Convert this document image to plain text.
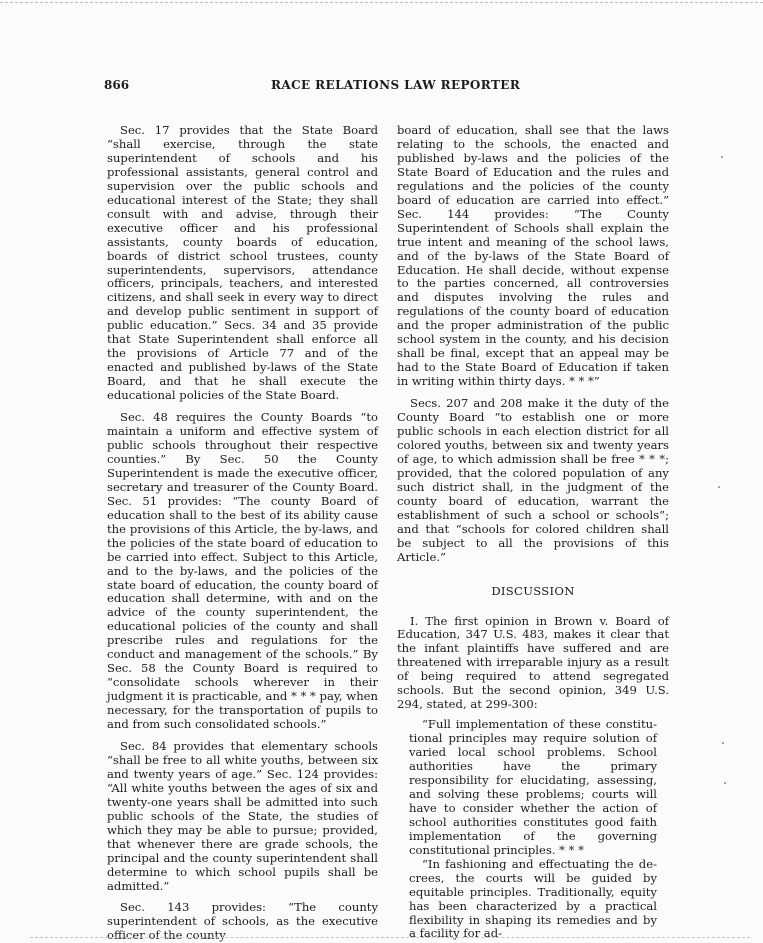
866	RACE RELATIONS LAW REPORTER

Sec. 17 provides that the State Board “shall exercise, through the state superintendent of schools and his professional assistants, general control and supervision over the public schools and educational interest of the State; they shall consult with and advise, through their executive officer and his professional assistants, county boards of education, boards of district school trustees, county superintendents, supervisors, attendance officers, principals, teachers, and interested citizens, and shall seek in every way to direct and develop public sentiment in support of public education.” Secs. 34 and 35 provide that State Superintendent shall enforce all the provisions of Article 77 and of the enacted and published by-laws of the State Board, and that he shall execute the educational policies of the State Board.

Sec. 48 requires the County Boards “to maintain a uniform and effective system of public schools throughout their respective counties.” By Sec. 50 the County Superintendent is made the executive officer, secretary and treasurer of the County Board. Sec. 51 provides: “The county Board of education shall to the best of its ability cause the provisions of this Article, the by-laws, and the policies of the state board of education to be carried into effect. Subject to this Article, and to the by-laws, and the policies of the state board of education, the county board of education shall determine, with and on the advice of the county superintendent, the educational policies of the county and shall prescribe rules and regulations for the conduct and management of the schools.” By Sec. 58 the County Board is required to “consolidate schools wherever in their judgment it is practicable, and * * * pay, when necessary, for the transportation of pupils to and from such consolidated schools.”

Sec. 84 provides that elementary schools “shall be free to all white youths, between six and twenty years of age.” Sec. 124 provides: “All white youths between the ages of six and twenty-one years shall be admitted into such public schools of the State, the studies of which they may be able to pursue; provided, that whenever there are grade schools, the principal and the county superintendent shall determine to which school pupils shall be admitted.”

Sec. 143 provides: “The county superintendent of schools, as the executive officer of the county

board of education, shall see that the laws relating to the schools, the enacted and published by-laws and the policies of the State Board of Education and the rules and regulations and the policies of the county board of education are carried into effect.” Sec. 144 provides: “The County Superintendent of Schools shall explain the true intent and meaning of the school laws, and of the by-laws of the State Board of Education. He shall decide, without expense to the parties concerned, all controversies and disputes involving the rules and regulations of the county board of education and the proper administration of the public school system in the county, and his decision shall be final, except that an appeal may be had to the State Board of Education if taken in writing within thirty days. * * *”

Secs. 207 and 208 make it the duty of the County Board “to establish one or more public schools in each election district for all colored youths, between six and twenty years of age, to which admission shall be free * * *; provided, that the colored population of any such district shall, in the judgment of the county board of education, warrant the establishment of such a school or schools”; and that “schools for colored children shall be subject to all the provisions of this Article.”

DISCUSSION

I. The first opinion in Brown v. Board of Education, 347 U.S. 483, makes it clear that the infant plaintiffs have suffered and are threatened with irreparable injury as a result of being required to attend segregated schools. But the second opinion, 349 U.S. 294, stated, at 299-300:

“Full implementation of these constitutional principles may require solution of varied local school problems. School authorities have the primary responsibility for elucidating, assessing, and solving these problems; courts will have to consider whether the action of school authorities constitutes good faith implementation of the governing constitutional principles. * * *

“In fashioning and effectuating the decrees, the courts will be guided by equitable principles. Traditionally, equity has been characterized by a practical flexibility in shaping its remedies and by a facility for ad-
